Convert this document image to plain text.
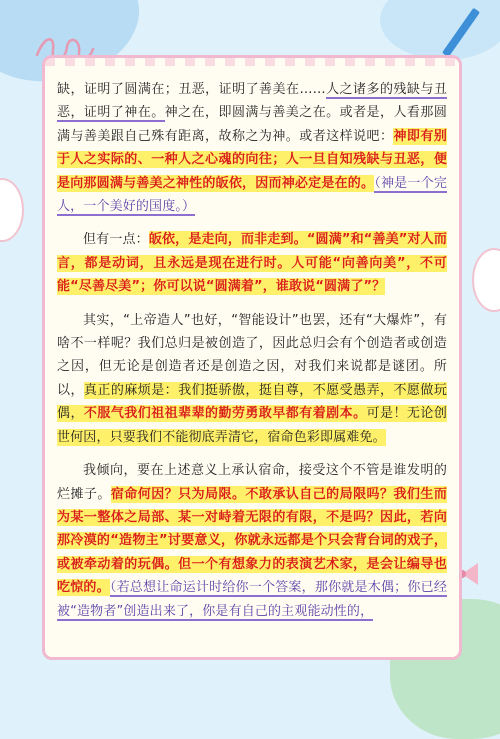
缺，证明了圆满在；丑恶，证明了善美在……人之诸多的残缺与丑恶，证明了神在。神之在，即圆满与善美之在。或者是，人看那圆满与善美跟自己殊有距离，故称之为神。或者这样说吧：神即有别于人之实际的、一种人之心魂的向往；人一旦自知残缺与丑恶，便是向那圆满与善美之神性的皈依，因而神必定是在的。（神是一个完人，一个美好的国度。）

但有一点：皈依，是走向，而非走到。“圆满”和“善美”对人而言，都是动词，且永远是现在进行时。人可能“向善向美”，不可能“尽善尽美”；你可以说“圆满着”，谁敢说“圆满了”？

其实，“上帝造人”也好，“智能设计”也罢，还有“大爆炸”，有啥不一样呢？我们总归是被创造了，因此总归会有个创造者或创造之因，但无论是创造者还是创造之因，对我们来说都是谜团。所以，真正的麻烦是：我们挺骄傲，挺自尊，不愿受愚弄，不愿做玩偶，不服气我们祖祖辈辈的勤劳勇敢早都有着剧本。可是！无论创世何因，只要我们不能彻底弄清它，宿命色彩即属难免。

我倾向，要在上述意义上承认宿命，接受这个不管是谁发明的烂摊子。宿命何因？只为局限。不敢承认自己的局限吗？我们生而为某一整体之局部、某一对峙着无限的有限，不是吗？因此，若向那冷漠的“造物主”讨要意义，你就永远都是个只会背台词的戏子，或被牵动着的玩偶。但一个有想象力的表演艺术家，是会让编导也吃惊的。（若总想让命运计时给你一个答案，那你就是木偶；你已经被“造物者”创造出来了，你是有自己的主观能动性的，
